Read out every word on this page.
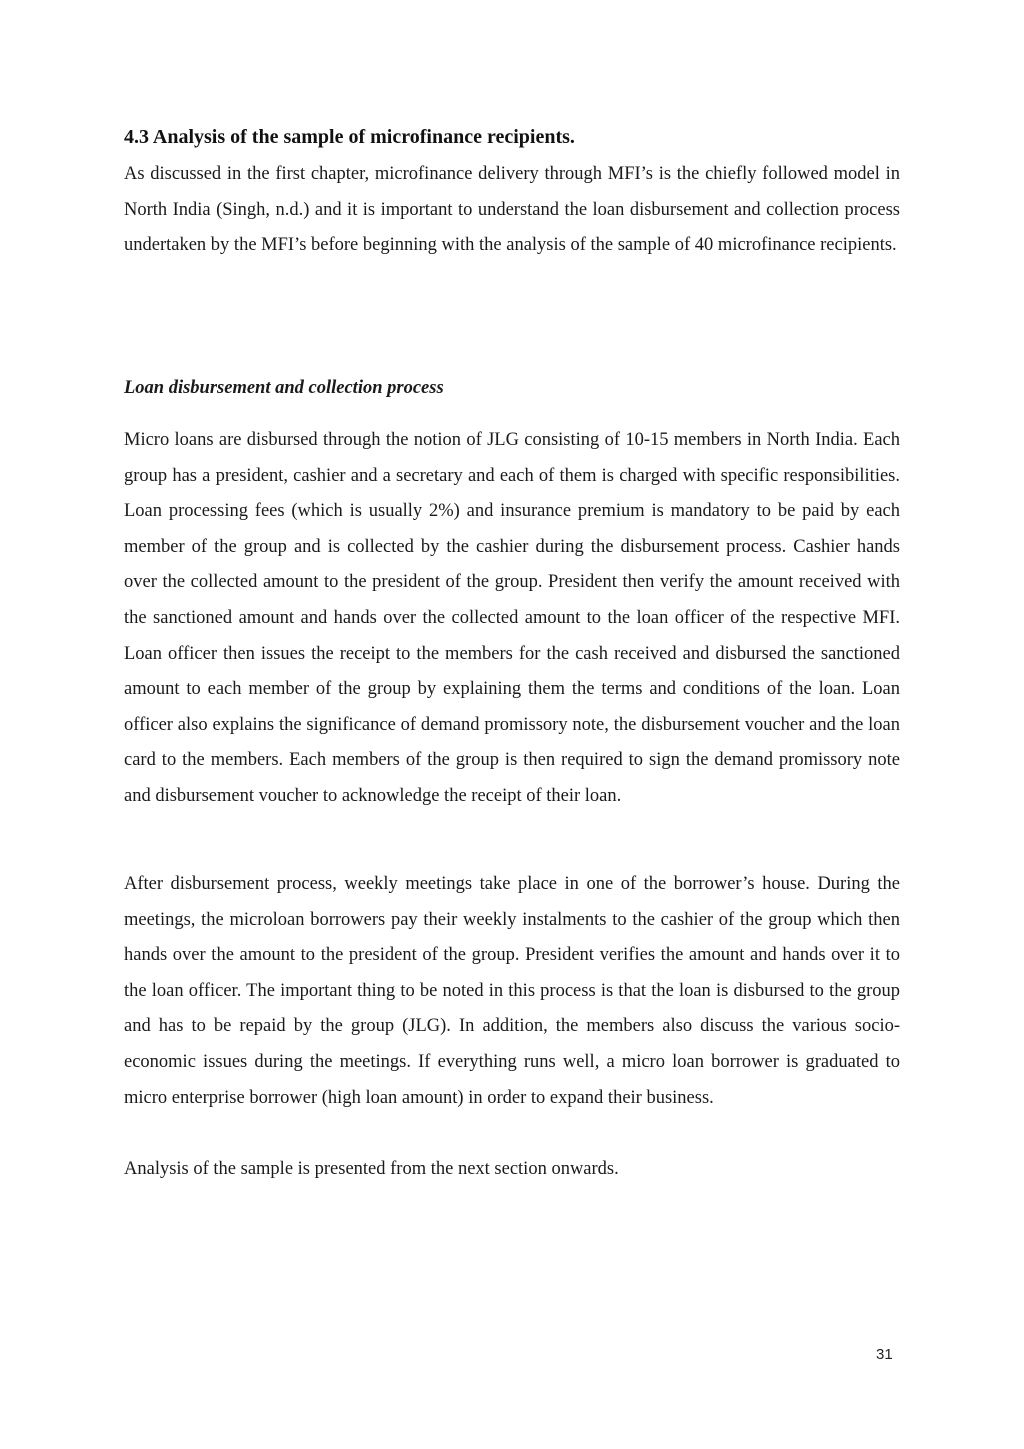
4.3 Analysis of the sample of microfinance recipients.

As discussed in the first chapter, microfinance delivery through MFI’s is the chiefly followed model in North India (Singh, n.d.) and it is important to understand the loan disbursement and collection process undertaken by the MFI’s before beginning with the analysis of the sample of 40 microfinance recipients.

Loan disbursement and collection process

Micro loans are disbursed through the notion of JLG consisting of 10-15 members in North India. Each group has a president, cashier and a secretary and each of them is charged with specific responsibilities. Loan processing fees (which is usually 2%) and insurance premium is mandatory to be paid by each member of the group and is collected by the cashier during the disbursement process. Cashier hands over the collected amount to the president of the group. President then verify the amount received with the sanctioned amount and hands over the collected amount to the loan officer of the respective MFI. Loan officer then issues the receipt to the members for the cash received and disbursed the sanctioned amount to each member of the group by explaining them the terms and conditions of the loan. Loan officer also explains the significance of demand promissory note, the disbursement voucher and the loan card to the members. Each members of the group is then required to sign the demand promissory note and disbursement voucher to acknowledge the receipt of their loan.

After disbursement process, weekly meetings take place in one of the borrower’s house. During the meetings, the microloan borrowers pay their weekly instalments to the cashier of the group which then hands over the amount to the president of the group. President verifies the amount and hands over it to the loan officer. The important thing to be noted in this process is that the loan is disbursed to the group and has to be repaid by the group (JLG). In addition, the members also discuss the various socio-economic issues during the meetings. If everything runs well, a micro loan borrower is graduated to micro enterprise borrower (high loan amount) in order to expand their business.

Analysis of the sample is presented from the next section onwards.

31
